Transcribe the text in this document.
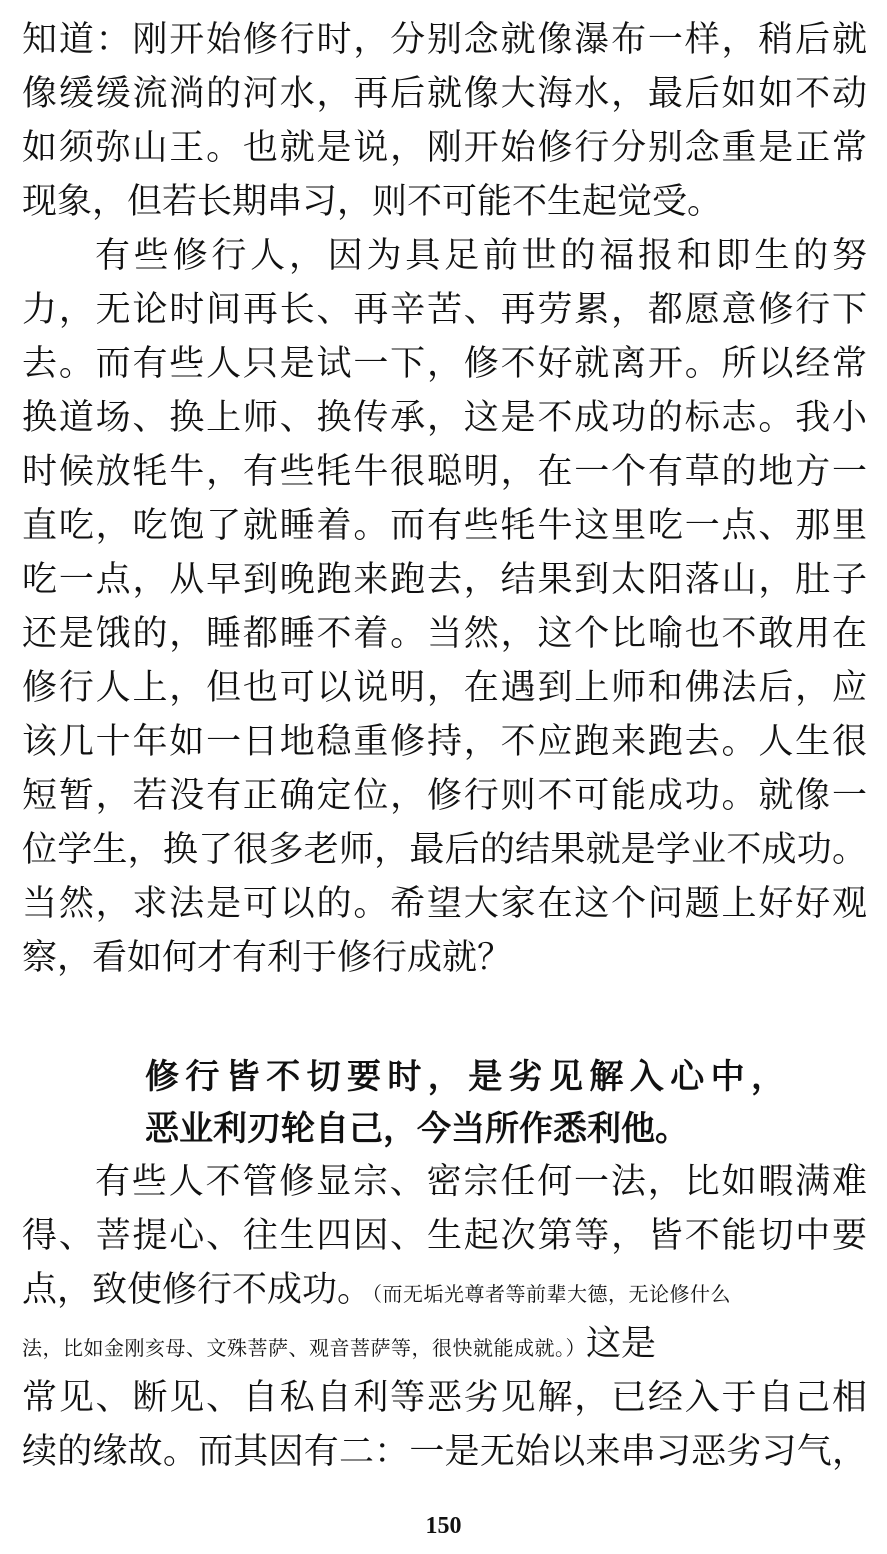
知道：刚开始修行时，分别念就像瀑布一样，稍后就
像缓缓流淌的河水，再后就像大海水，最后如如不动
如须弥山王。也就是说，刚开始修行分别念重是正常
现象，但若长期串习，则不可能不生起觉受。
有些修行人，因为具足前世的福报和即生的努
力，无论时间再长、再辛苦、再劳累，都愿意修行下
去。而有些人只是试一下，修不好就离开。所以经常
换道场、换上师、换传承，这是不成功的标志。我小
时候放牦牛，有些牦牛很聪明，在一个有草的地方一
直吃，吃饱了就睡着。而有些牦牛这里吃一点、那里
吃一点，从早到晚跑来跑去，结果到太阳落山，肚子
还是饿的，睡都睡不着。当然，这个比喻也不敢用在
修行人上，但也可以说明，在遇到上师和佛法后，应
该几十年如一日地稳重修持，不应跑来跑去。人生很
短暂，若没有正确定位，修行则不可能成功。就像一
位学生，换了很多老师，最后的结果就是学业不成功。
当然，求法是可以的。希望大家在这个问题上好好观
察，看如何才有利于修行成就？
修行皆不切要时，是劣见解入心中，
恶业利刃轮自己，今当所作悉利他。
有些人不管修显宗、密宗任何一法，比如暇满难
得、菩提心、往生四因、生起次第等，皆不能切中要
点，致使修行不成功。（而无垢光尊者等前辈大德，无论修什么
法，比如金刚亥母、文殊菩萨、观音菩萨等，很快就能成就。）这是
常见、断见、自私自利等恶劣见解，已经入于自己相
续的缘故。而其因有二：一是无始以来串习恶劣习气，
150
